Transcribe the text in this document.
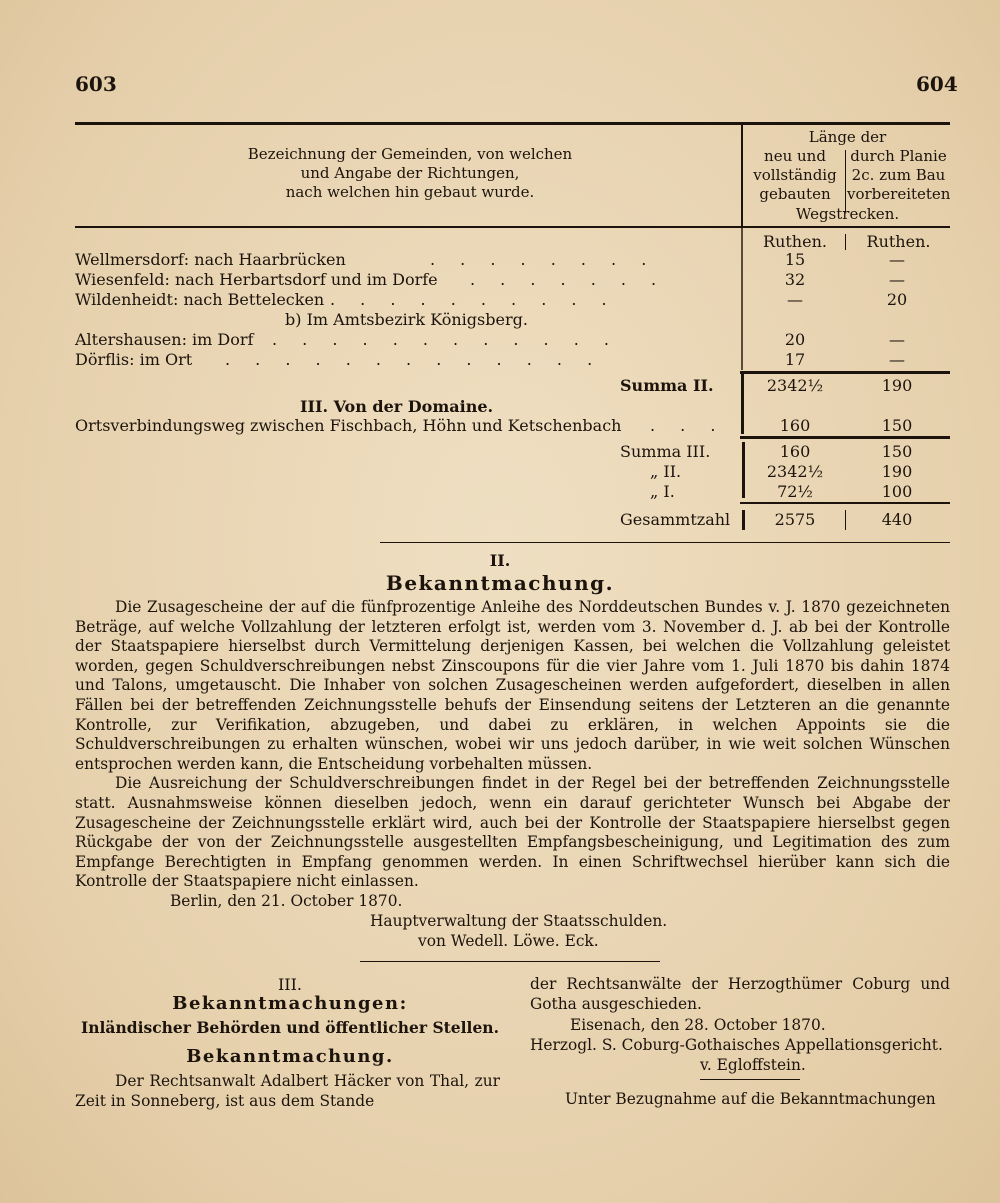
603	604
Bezeichnung der Gemeinden, von welchen
und Angabe der Richtungen,
nach welchen hin gebaut wurde.
Länge der
neu und
vollständig
gebauten
durch Planie
2c. zum Bau
vorbereiteten
Wegstrecken.
Ruthen.	Ruthen.
Wellmersdorf: nach Haarbrücken	. . . . . . . .	15	—
Wiesenfeld: nach Herbartsdorf und im Dorfe . . . . . . .	32	—
Wildenheidt: nach Bettelecken . . . . . . . . . .	—	20
b) Im Amtsbezirk Königsberg.
Altershausen: im Dorf . . . . . . . . . . . .	20	—
Dörflis: im Ort . . . . . . . . . . . . .	17	—
Summa II.	2342½	190
III. Von der Domaine.
Ortsverbindungsweg zwischen Fischbach, Höhn und Ketschenbach . . .	160	150
Summa III.	160	150
„ II.	2342½	190
„ I.	72½	100
Gesammtzahl	2575	440
II.
Bekanntmachung.

Die Zusagescheine der auf die fünfprozentige Anleihe des Norddeutschen Bundes v. J. 1870 gezeichneten Beträge, auf welche Vollzahlung der letzteren erfolgt ist, werden vom 3. November d. J. ab bei der Kontrolle der Staatspapiere hierselbst durch Vermittelung derjenigen Kassen, bei welchen die Vollzahlung geleistet worden, gegen Schuldverschreibungen nebst Zinscoupons für die vier Jahre vom 1. Juli 1870 bis dahin 1874 und Talons, umgetauscht. Die Inhaber von solchen Zusagescheinen werden aufgefordert, dieselben in allen Fällen bei der betreffenden Zeichnungsstelle behufs der Einsendung seitens der Letzteren an die genannte Kontrolle, zur Verifikation, abzugeben, und dabei zu erklären, in welchen Appoints sie die Schuldverschreibungen zu erhalten wünschen, wobei wir uns jedoch darüber, in wie weit solchen Wünschen entsprochen werden kann, die Entscheidung vorbehalten müssen.

Die Ausreichung der Schuldverschreibungen findet in der Regel bei der betreffenden Zeichnungsstelle statt. Ausnahmsweise können dieselben jedoch, wenn ein darauf gerichteter Wunsch bei Abgabe der Zusagescheine der Zeichnungsstelle erklärt wird, auch bei der Kontrolle der Staatspapiere hierselbst gegen Rückgabe der von der Zeichnungsstelle ausgestellten Empfangsbescheinigung, und Legitimation des zum Empfange Berechtigten in Empfang genommen werden. In einen Schriftwechsel hierüber kann sich die Kontrolle der Staatspapiere nicht einlassen.

Berlin, den 21. October 1870.
Hauptverwaltung der Staatsschulden.
von Wedell. Löwe. Eck.
III.
Bekanntmachungen:
Inländischer Behörden und öffentlicher Stellen.
Bekanntmachung.
Der Rechtsanwalt Adalbert Häcker von Thal, zur Zeit in Sonneberg, ist aus dem Stande
der Rechtsanwälte der Herzogthümer Coburg und Gotha ausgeschieden.
Eisenach, den 28. October 1870.
Herzogl. S. Coburg-Gothaisches Appellationsgericht.
v. Egloffstein.
Unter Bezugnahme auf die Bekanntmachungen
